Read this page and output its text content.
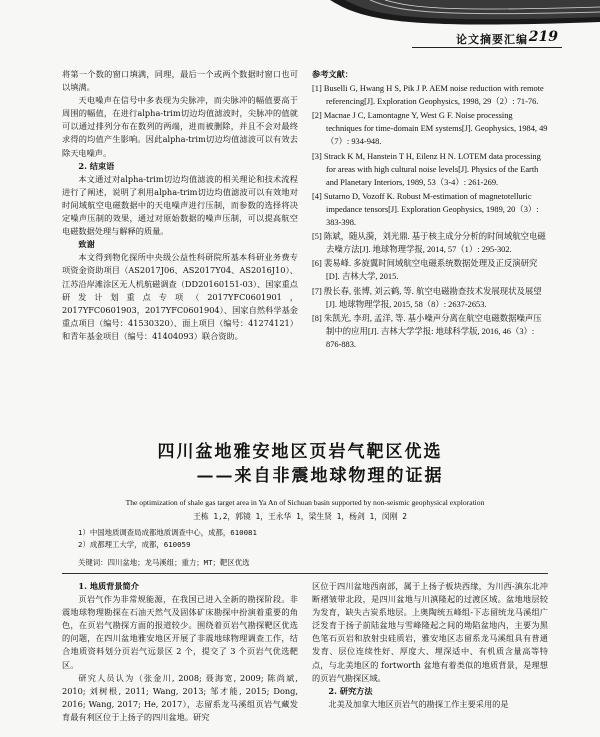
论文摘要汇编 219

将第一个数的窗口填满，同理，最后一个或两个数据时窗口也可以填满。

天电噪声在信号中多表现为尖脉冲，而尖脉冲的幅值要高于周围的幅值，在进行alpha-trim切边均值滤波时，尖脉冲的值就可以通过排列分布在数列的两端，进而被删除，并且不会对最终求得的均值产生影响。因此alpha-trim切边均值滤波可以有效去除天电噪声。

2. 结束语

本文通过对alpha-trim切边均值滤波的相关理论和技术流程进行了阐述，说明了利用alpha-trim切边均值滤波可以有效地对时间域航空电磁数据中的天电噪声进行压制，而参数的选择将决定噪声压制的效果，通过对原始数据的噪声压制，可以提高航空电磁数据处理与解释的质量。

致谢

本文得到物化探所中央级公益性科研院所基本科研业务费专项资金资助项目（AS2017J06、AS2017Y04、AS2016J10）、江苏沿岸滩涂区无人机航磁调查（DD20160151-03）、国家重点研发计划重点专项（2017YFC0601901，2017YFC0601903，2017YFC0601904）、国家自然科学基金重点项目（编号：41530320）、面上项目（编号：41274121）和青年基金项目（编号：41404093）联合资助。

参考文献：

[1] Buselli G, Hwang H S, Pik J P. AEM noise reduction with remote referencing[J]. Exploration Geophysics, 1998, 29（2）: 71-76.
[2] Macnae J C, Lamontagne Y, West G F. Noise processing techniques for time-domain EM systems[J]. Geophysics, 1984, 49（7）: 934-948.
[3] Strack K M, Hanstein T H, Eilenz H N. LOTEM data processing for areas with high cultural noise levels[J]. Physics of the Earth and Planetary Interiors, 1989, 53（3-4）: 261-269.
[4] Sutarno D, Vozoff K. Robust M-estimation of magnetotelluric impedance tensors[J]. Exploration Geophysics, 1989, 20（3）: 383-398.
[5] 陈斌，随从漪，刘光鼎. 基于核主成分分析的时间域航空电磁去噪方法[J]. 地球物理学报, 2014, 57（1）: 295-302.
[6] 裴易峰. 多旋翼时间域航空电磁系统数据处理及正反演研究[D]. 吉林大学, 2015.
[7] 殷长春, 张博, 刘云鹤, 等. 航空电磁勘查技术发展现状及展望[J]. 地球物理学报, 2015, 58（8）: 2637-2653.
[8] 朱凯光, 李玥, 孟洋, 等. 基小噪声分离在航空电磁数据噪声压制中的应用[J]. 吉林大学学报: 地球科学版, 2016, 46（3）: 876-883.

四川盆地雅安地区页岩气靶区优选

——来自非震地球物理的证据

The optimization of shale gas target area in Ya An of Sichuan basin supported by non-seismic geophysical exploration
王栋 1,2，郭镜 1，王永华 1，梁生贤 1，杨剑 1，闵刚 2
1）中国地质调查局成都地质调查中心，成都，610081
2）成都理工大学，成都，610059
关键词：四川盆地；龙马溪组；重力；MT；靶区优选

1. 地质背景简介

页岩气作为非常规能源，在我国已进入全新的勘探阶段。非震地球物理勘探在石油天然气及固体矿床勘探中扮演着重要的角色，在页岩气勘探方面的报道较少。围绕着页岩气勘探靶区优选的问题，在四川盆地雅安地区开展了非震地球物理调查工作，结合地质资料划分页岩气远景区 2 个，提交了 3 个页岩气优选靶区。

研究人员认为（张金川, 2008; 聂海宽, 2009; 陈尚斌, 2010; 刘树根, 2011; Wang, 2013; 邹才能, 2015; Dong, 2016; Wang, 2017; He, 2017），志留系龙马溪组页岩气藏发育最有利区位于上扬子的四川盆地。研究

区位于四川盆地西南部，属于上扬子板块西缘，为川西-滇东北冲断褶皱带北段，是四川盆地与川滇隆起的过渡区域。盆地地层较为发育，缺失古炭系地层。上奥陶统五峰组-下志留统龙马溪组广泛发育于扬子前陆盆地与雪峰隆起之间的坳陷盆地内，主要为黑色笔石页岩和放射虫硅质岩，雅安地区志留系龙马溪组具有普通发育、层位连续性好、厚度大、埋深适中、有机质含量高等特点，与北美地区的 fortworth 盆地有着类似的地质背景，是理想的页岩气勘探区域。

2. 研究方法

北美及加拿大地区页岩气的勘探工作主要采用的是
